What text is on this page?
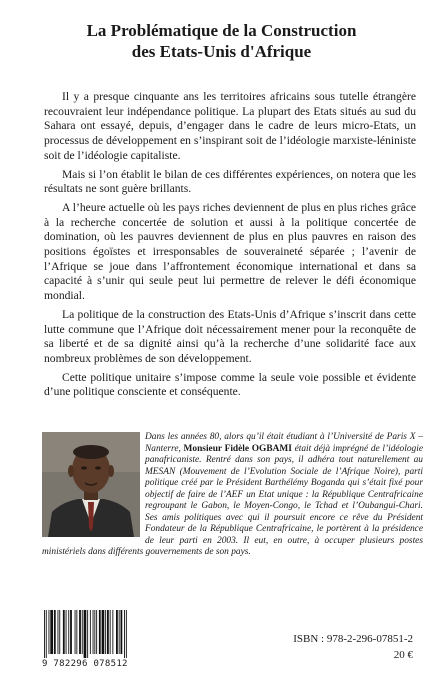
La Problématique de la Construction
des Etats-Unis d'Afrique

Il y a presque cinquante ans les territoires africains sous tutelle étrangère recouvraient leur indépendance politique. La plupart des Etats situés au sud du Sahara ont essayé, depuis, d’engager dans le cadre de leurs micro-Etats, un processus de développement en s’inspirant soit de l’idéologie marxiste-léniniste soit de l’idéologie capitaliste.

Mais si l’on établit le bilan de ces différentes expériences, on notera que les résultats ne sont guère brillants.

A l’heure actuelle où les pays riches deviennent de plus en plus riches grâce à la recherche concertée de solution et aussi à la politique concertée de domination, où les pauvres deviennent de plus en plus pauvres en raison des positions égoïstes et irresponsables de souveraineté séparée ; l’avenir de l’Afrique se joue dans l’affrontement économique international et dans sa capacité à s’unir qui seule peut lui permettre de relever le défi économique mondial.

La politique de la construction des Etats-Unis d’Afrique s’inscrit dans cette lutte commune que l’Afrique doit nécessairement mener pour la reconquête de sa liberté et de sa dignité ainsi qu’à la recherche d’une solidarité face aux nombreux problèmes de son développement.

Cette politique unitaire s’impose comme la seule voie possible et évidente d’une politique consciente et conséquente.

Dans les années 80, alors qu’il était étudiant à l’Université de Paris X – Nanterre, Monsieur Fidèle OGBAMI était déjà imprégné de l’idéologie panafricaniste. Rentré dans son pays, il adhéra tout naturellement au MESAN (Mouvement de l’Evolution Sociale de l’Afrique Noire), parti politique créé par le Président Barthélémy Boganda qui s’était fixé pour objectif de faire de l’AEF un Etat unique : la République Centrafricaine regroupant le Gabon, le Moyen-Congo, le Tchad et l’Oubangui-Chari. Ses amis politiques avec qui il poursuit encore ce rêve du Président Fondateur de la République Centrafricaine, le portèrent à la présidence de leur parti en 2003. Il eut, en outre, à occuper plusieurs postes ministériels dans différents gouvernements de son pays.
9 782296 078512
ISBN : 978-2-296-07851-2
20 €
